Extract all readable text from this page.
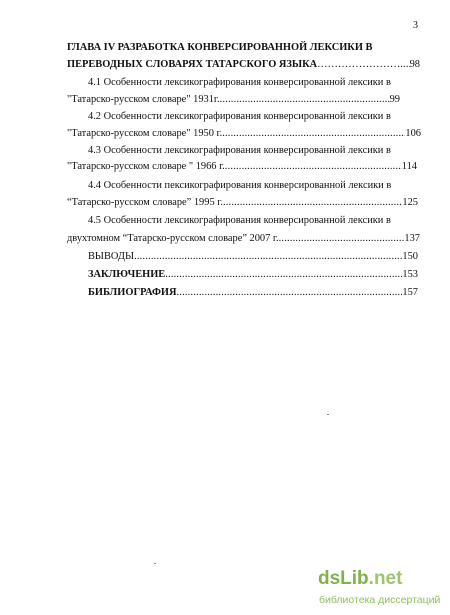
3
ГЛАВА IV РАЗРАБОТКА КОНВЕРСИРОВАННОЙ ЛЕКСИКИ В
ПЕРЕВОДНЫХ СЛОВАРЯХ ТАТАРСКОГО ЯЗЫКА …………………… ..... 98
4.1 Особенности лексикографирования конверсированной лексики в
"Татарско-русском словаре" 1931г. .....	99
4.2 Особенности лексикографирования конверсированной лексики в
"Татарско-русском словаре" 1950 г. .....	106
4.3 Особенности лексикографирования конверсированной лексики в
"Татарско-русском словаре " 1966 г. .....	114
4.4 Особенности пексикографирования конверсированной лексики в
“Татарско-русском словаре” 1995 г. .....	125
4.5 Особенности лексикографирования конверсированной лексики в
двухтомном “Татарско-русском словаре” 2007 г. .....	137
ВЫВОДЫ .....	150
ЗАКЛЮЧЕНИЕ .....	153
БИБЛИОГРАФИЯ .....	157
dsLib.net
библиотека диссертаций
